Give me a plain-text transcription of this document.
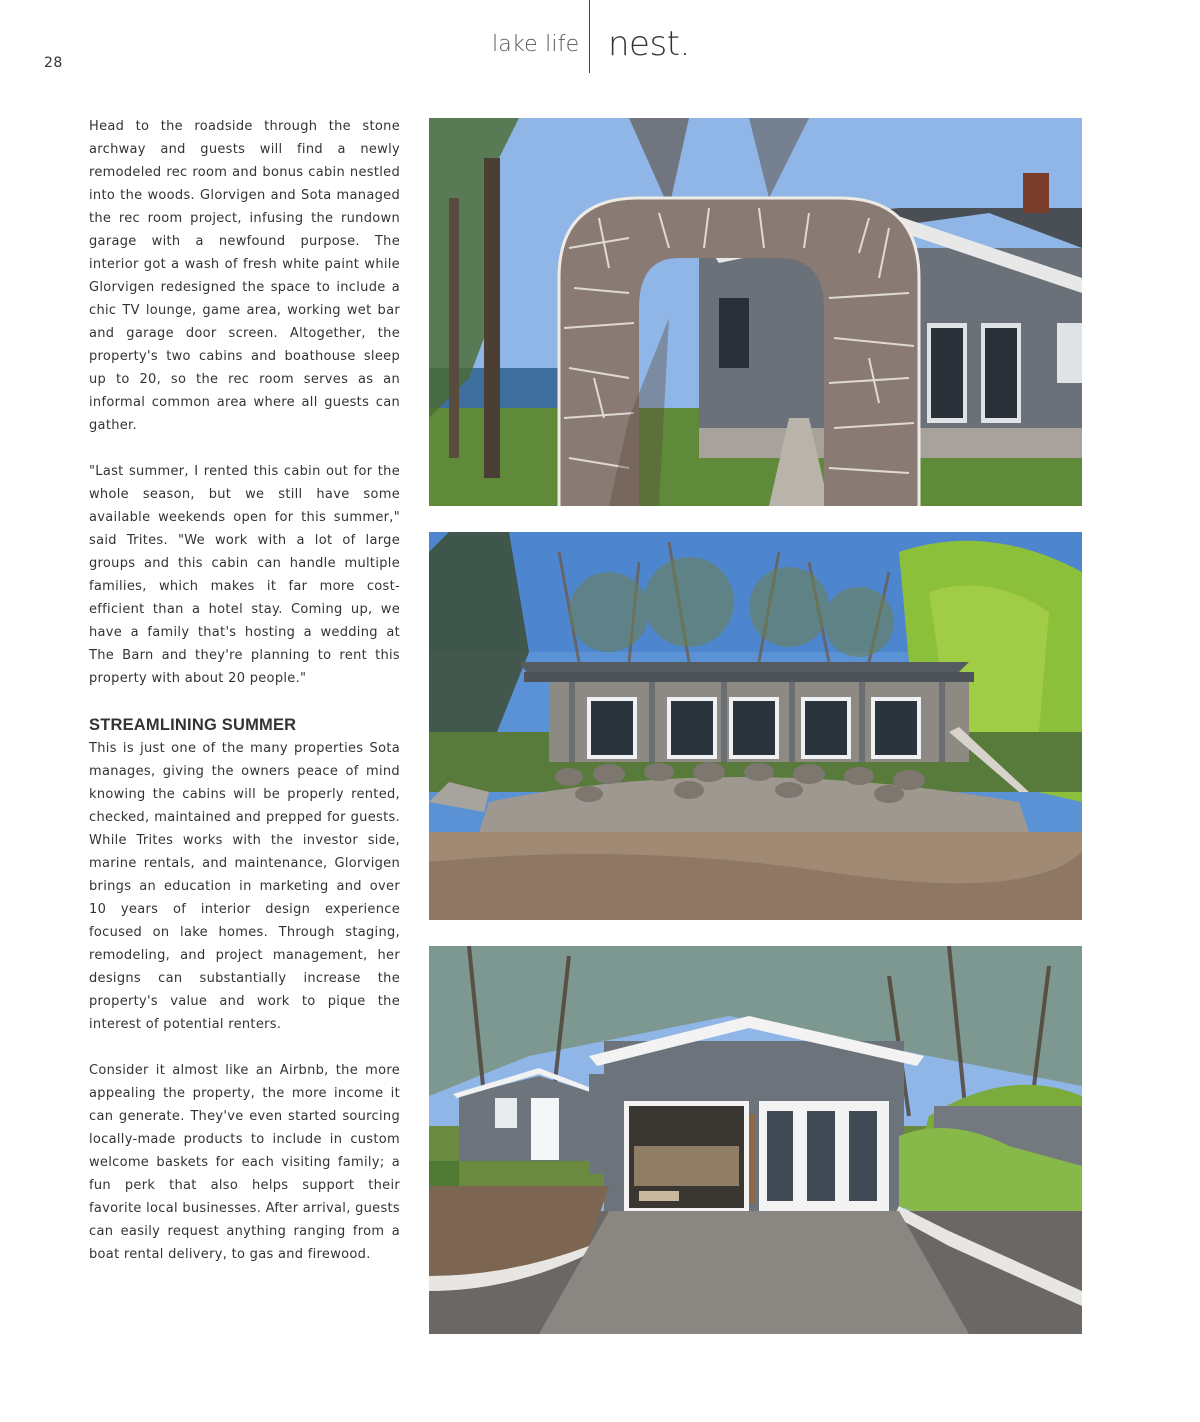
28
lake life nest.

Head to the roadside through the stone archway and guests will find a newly remodeled rec room and bonus cabin nestled into the woods. Glorvigen and Sota managed the rec room project, infusing the rundown garage with a newfound purpose. The interior got a wash of fresh white paint while Glorvigen redesigned the space to include a chic TV lounge, game area, working wet bar and garage door screen. Altogether, the property's two cabins and boathouse sleep up to 20, so the rec room serves as an informal common area where all guests can gather.

"Last summer, I rented this cabin out for the whole season, but we still have some available weekends open for this summer," said Trites. "We work with a lot of large groups and this cabin can handle multiple families, which makes it far more cost-efficient than a hotel stay. Coming up, we have a family that's hosting a wedding at The Barn and they're planning to rent this property with about 20 people."

STREAMLINING SUMMER

This is just one of the many properties Sota manages, giving the owners peace of mind knowing the cabins will be properly rented, checked, maintained and prepped for guests. While Trites works with the investor side, marine rentals, and maintenance, Glorvigen brings an education in marketing and over 10 years of interior design experience focused on lake homes. Through staging, remodeling, and project management, her designs can substantially increase the property's value and work to pique the interest of potential renters.

Consider it almost like an Airbnb, the more appealing the property, the more income it can generate. They've even started sourcing locally-made products to include in custom welcome baskets for each visiting family; a fun perk that also helps support their favorite local businesses. After arrival, guests can easily request anything ranging from a boat rental delivery, to gas and firewood.
